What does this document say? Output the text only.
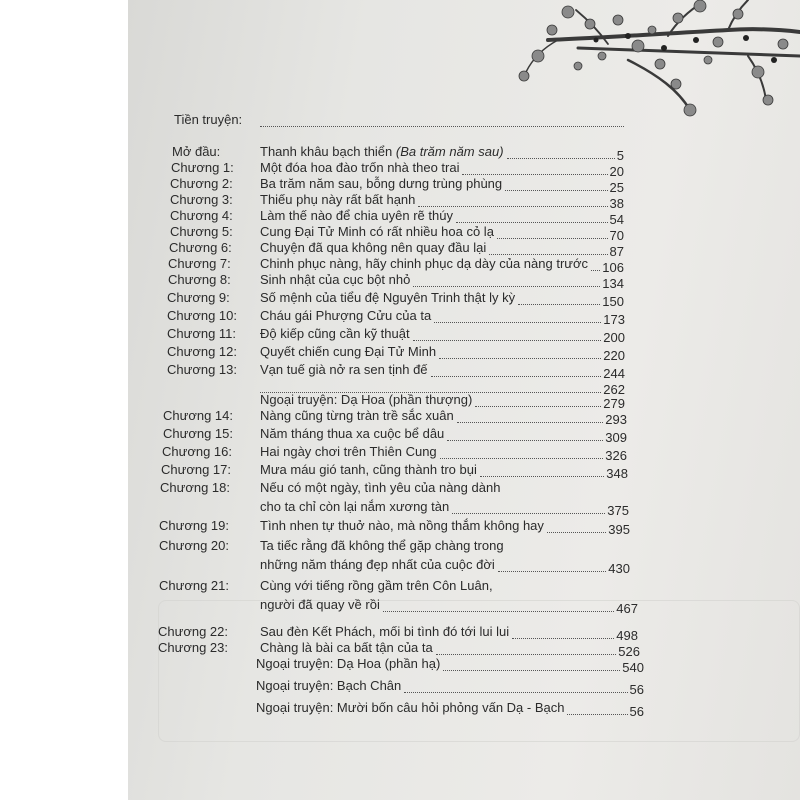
Tiền truyện:
Mở đầu:	Thanh khâu bạch thiển (Ba trăm năm sau)	5
Chương 1: Một đóa hoa đào trốn nhà theo trai	20
Chương 2: Ba trăm năm sau, bỗng dưng trùng phùng	25
Chương 3: Thiếu phụ này rất bất hạnh	38
Chương 4: Làm thế nào để chia uyên rẽ thúy	54
Chương 5: Cung Đại Tử Minh có rất nhiều hoa cỏ lạ	70
Chương 6: Chuyện đã qua không nên quay đầu lại	87
Chương 7: Chinh phục nàng, hãy chinh phục dạ dày của nàng trước 106
Chương 8: Sinh nhật của cục bột nhỏ	134
Chương 9: Số mệnh của tiểu đệ Nguyên Trinh thật ly kỳ	150
Chương 10: Cháu gái Phượng Cửu của ta	173
Chương 11: Độ kiếp cũng cần kỹ thuật	200
Chương 12: Quyết chiến cung Đại Tử Minh	220
Chương 13: Vạn tuế già nở ra sen tịnh đế	244
262
Ngoại truyện: Dạ Hoa (phần thượng)	279
Chương 14: Nàng cũng từng tràn trề sắc xuân	293
Chương 15: Năm tháng thua xa cuộc bể dâu	309
Chương 16: Hai ngày chơi trên Thiên Cung	326
Chương 17: Mưa máu gió tanh, cũng thành tro bụi	348
Chương 18: Nếu có một ngày, tình yêu của nàng dành
cho ta chỉ còn lại nắm xương tàn	375
Chương 19: Tình nhen tự thuở nào, mà nồng thắm không hay	395
Chương 20: Ta tiếc rằng đã không thể gặp chàng trong
những năm tháng đẹp nhất của cuộc đời	430
Chương 21: Cùng với tiếng rồng gầm trên Côn Luân,
người đã quay về rồi	467
Chương 22: Sau đèn Kết Phách, mối bi tình đó tới lui lui	498
Chương 23: Chàng là bài ca bất tận của ta	526
Ngoại truyện: Dạ Hoa (phần hạ)	540
Ngoại truyện: Bạch Chân	56
Ngoại truyện: Mười bốn câu hỏi phỏng vấn Dạ - Bạch	56
